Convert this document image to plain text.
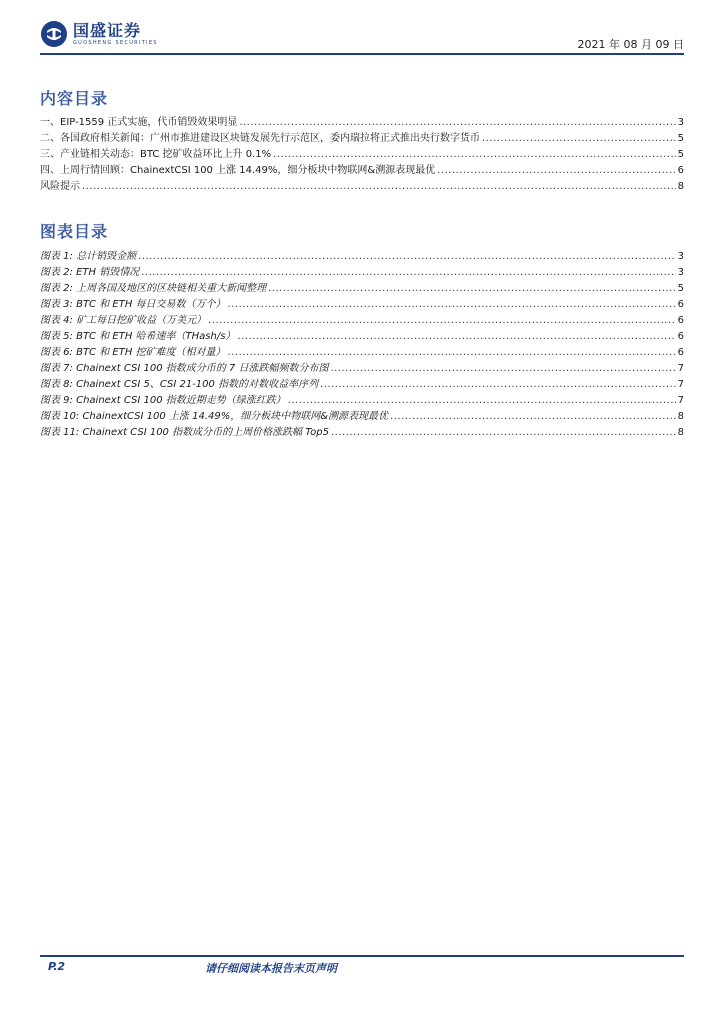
国盛证券
GUOSHENG SECURITIES	2021 年 08 月 09 日
内容目录
一、EIP-1559 正式实施，代币销毁效果明显 .....	3
二、各国政府相关新闻：广州市推进建设区块链发展先行示范区，委内瑞拉将正式推出央行数字货币 .....	5
三、产业链相关动态：BTC 挖矿收益环比上升 0.1% .....	5
四、上周行情回顾：ChainextCSI 100 上涨 14.49%，细分板块中物联网&溯源表现最优 .....	6
风险提示 .....	8
图表目录
图表 1: 总计销毁金额 .....	3
图表 2: ETH 销毁情况 .....	3
图表 2: 上周各国及地区的区块链相关重大新闻整理 .....	5
图表 3: BTC 和 ETH 每日交易数（万个） .....	6
图表 4: 矿工每日挖矿收益（万美元） .....	6
图表 5: BTC 和 ETH 哈希速率（THash/s） .....	6
图表 6: BTC 和 ETH 挖矿难度（相对量） .....	6
图表 7: Chainext CSI 100 指数成分币的 7 日涨跌幅频数分布图 .....	7
图表 8: Chainext CSI 5、CSI 21-100 指数的对数收益率序列 .....	7
图表 9: Chainext CSI 100 指数近期走势（绿涨红跌） .....	7
图表 10: ChainextCSI 100 上涨 14.49%，细分板块中物联网&溯源表现最优 .....	8
图表 11: Chainext CSI 100 指数成分币的上周价格涨跌幅 Top5 .....	8
P.2	请仔细阅读本报告末页声明
